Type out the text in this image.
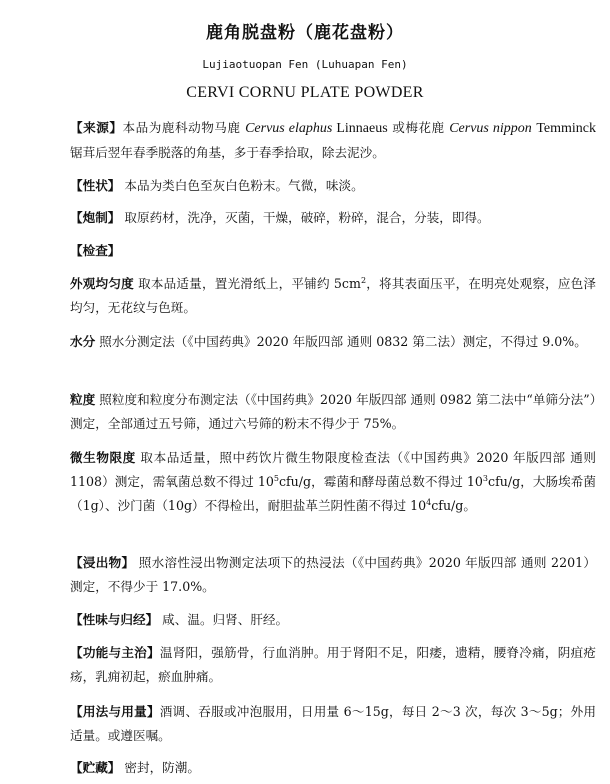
鹿角脱盘粉（鹿花盘粉）
Lujiaotuopan Fen (Luhuapan Fen)
CERVI CORNU PLATE POWDER
【来源】本品为鹿科动物马鹿 Cervus elaphus Linnaeus 或梅花鹿 Cervus nippon Temminck 锯茸后翌年春季脱落的角基，多于春季拾取，除去泥沙。
【性状】 本品为类白色至灰白色粉末。气微，味淡。
【炮制】 取原药材，洗净，灭菌，干燥，破碎，粉碎，混合，分装，即得。
【检查】
外观均匀度 取本品适量，置光滑纸上，平铺约 $5cm^2$，将其表面压平，在明亮处观察，应色泽均匀，无花纹与色斑。
水分 照水分测定法（《中国药典》2020 年版四部 通则 0832 第二法）测定，不得过 9.0%。
粒度 照粒度和粒度分布测定法（《中国药典》2020 年版四部 通则 0982 第二法中“单筛分法”）测定，全部通过五号筛，通过六号筛的粉末不得少于 75%。
微生物限度 取本品适量，照中药饮片微生物限度检查法（《中国药典》2020 年版四部 通则 1108）测定，需氧菌总数不得过 $10^5cfu/g$，霉菌和酵母菌总数不得过 $10^3cfu/g$，大肠埃希菌（1g）、沙门菌（10g）不得检出，耐胆盐革兰阴性菌不得过 $10^4cfu/g$。
【浸出物】 照水溶性浸出物测定法项下的热浸法（《中国药典》2020 年版四部 通则 2201）测定，不得少于 17.0%。
【性味与归经】 咸、温。归肾、肝经。
【功能与主治】温肾阳，强筋骨，行血消肿。用于肾阳不足，阳痿，遗精，腰脊冷痛，阴疽疮疡，乳痈初起，瘀血肿痛。
【用法与用量】酒调、吞服或冲泡服用，日用量 6～15g，每日 2～3 次，每次 3～5g；外用适量。或遵医嘱。
【贮藏】 密封，防潮。
